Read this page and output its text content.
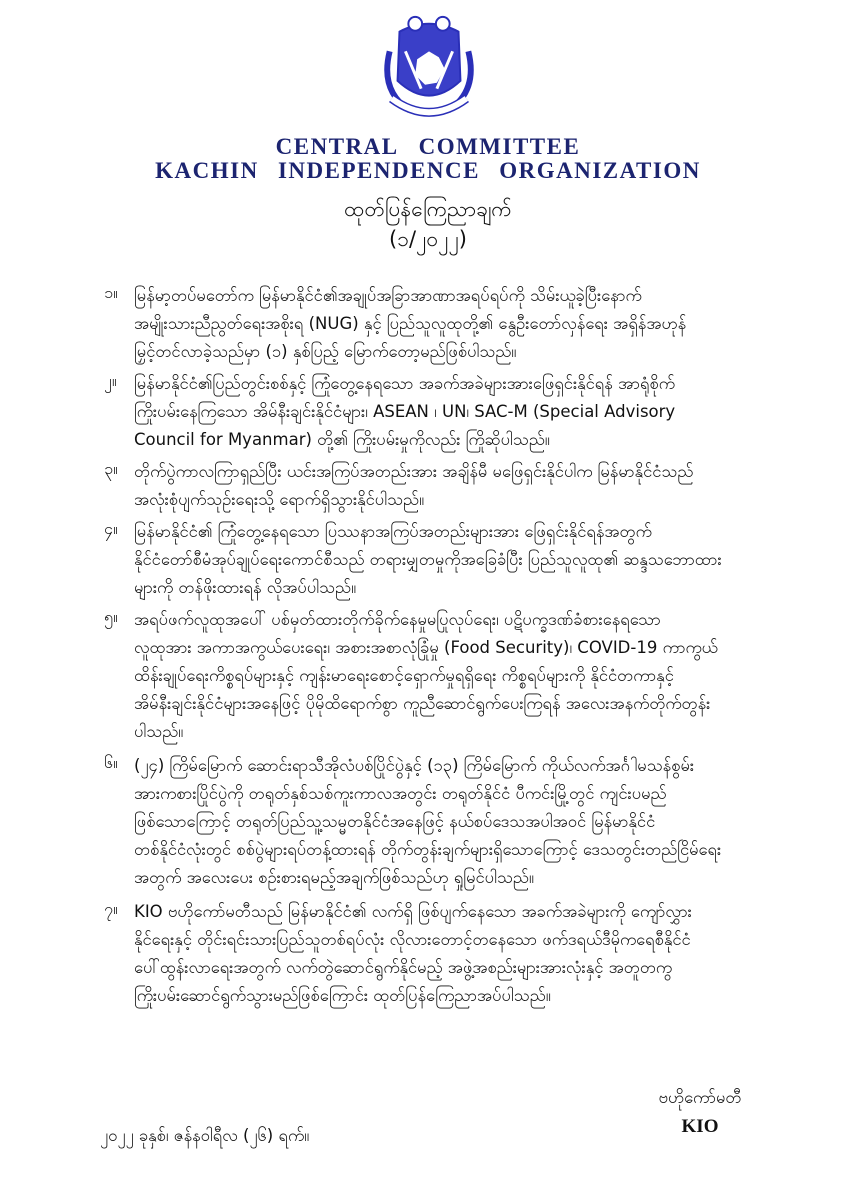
CENTRAL COMMITTEE
KACHIN INDEPENDENCE ORGANIZATION
ထုတ်ပြန်ကြေညာချက်
(၁/၂၀၂၂)
၁။ မြန်မာ့တပ်မတော်က မြန်မာနိုင်ငံ၏အချုပ်အခြာအာဏာအရပ်ရပ်ကို သိမ်းယူခဲ့ပြီးနောက်
အမျိုးသားညီညွတ်ရေးအစိုးရ (NUG) နှင့် ပြည်သူလူထုတို့၏ နွေဦးတော်လှန်ရေး အရှိန်အဟုန်
မြှင့်တင်လာခဲ့သည်မှာ (၁) နှစ်ပြည့် မြောက်တော့မည်ဖြစ်ပါသည်။
၂။	မြန်မာနိုင်ငံ၏ပြည်တွင်းစစ်နှင့် ကြုံတွေ့နေရသော အခက်အခဲများအားဖြေရှင်းနိုင်ရန် အာရုံစိုက်
ကြိုးပမ်းနေကြသော အိမ်နီးချင်းနိုင်ငံများ၊ ASEAN ၊ UN၊ SAC-M (Special Advisory
Council for Myanmar) တို့၏ ကြိုးပမ်းမှုကိုလည်း ကြိုဆိုပါသည်။
၃။ တိုက်ပွဲကာလကြာရှည်ပြီး ယင်းအကြပ်အတည်းအား အချိန်မီ မဖြေရှင်းနိုင်ပါက မြန်မာနိုင်ငံသည်
အလုံးစုံပျက်သုဉ်းရေးသို့ ရောက်ရှိသွားနိုင်ပါသည်။
၄။ မြန်မာနိုင်ငံ၏ ကြုံတွေ့နေရသော ပြဿနာအကြပ်အတည်းများအား ဖြေရှင်းနိုင်ရန်အတွက်
နိုင်ငံတော်စီမံအုပ်ချုပ်ရေးကောင်စီသည် တရားမျှတမှုကိုအခြေခံပြီး ပြည်သူလူထု၏ ဆန္ဒသဘောထား
များကို တန်ဖိုးထားရန် လိုအပ်ပါသည်။
၅။ အရပ်ဖက်လူထုအပေါ် ပစ်မှတ်ထားတိုက်ခိုက်နေမှုမပြုလုပ်ရေး၊ ပဋိပက္ခဒဏ်ခံစားနေရသော
လူထုအား အကာအကွယ်ပေးရေး၊ အစားအစာလုံခြုံမှု (Food Security)၊ COVID-19 ကာကွယ်
ထိန်းချုပ်ရေးကိစ္စရပ်များနှင့် ကျန်းမာရေးစောင့်ရှောက်မှုရရှိရေး ကိစ္စရပ်များကို နိုင်ငံတကာနှင့်
အိမ်နီးချင်းနိုင်ငံများအနေဖြင့် ပိုမိုထိရောက်စွာ ကူညီဆောင်ရွက်ပေးကြရန် အလေးအနက်တိုက်တွန်း
ပါသည်။
၆။ (၂၄) ကြိမ်မြောက် ဆောင်းရာသီအိုလံပစ်ပြိုင်ပွဲနှင့် (၁၃) ကြိမ်မြောက် ကိုယ်လက်အင်္ဂါမသန်စွမ်း
အားကစားပြိုင်ပွဲကို တရုတ်နှစ်သစ်ကူးကာလအတွင်း တရုတ်နိုင်ငံ ပီကင်းမြို့တွင် ကျင်းပမည်
ဖြစ်သောကြောင့် တရုတ်ပြည်သူ့သမ္မတနိုင်ငံအနေဖြင့် နယ်စပ်ဒေသအပါအဝင် မြန်မာနိုင်ငံ
တစ်နိုင်ငံလုံးတွင် စစ်ပွဲများရပ်တန့်ထားရန် တိုက်တွန်းချက်များရှိသောကြောင့် ဒေသတွင်းတည်ငြိမ်ရေး
အတွက် အလေးပေး စဉ်းစားရမည့်အချက်ဖြစ်သည်ဟု ရှုမြင်ပါသည်။
၇။ KIO ဗဟိုကော်မတီသည် မြန်မာနိုင်ငံ၏ လက်ရှိ ဖြစ်ပျက်နေသော အခက်အခဲများကို ကျော်လွှား
နိုင်ရေးနှင့် တိုင်းရင်းသားပြည်သူတစ်ရပ်လုံး လိုလားတောင့်တနေသော ဖက်ဒရယ်ဒီမိုကရေစီနိုင်ငံ
ပေါ်ထွန်းလာရေးအတွက် လက်တွဲဆောင်ရွက်နိုင်မည့် အဖွဲ့အစည်းများအားလုံးနှင့် အတူတကွ
ကြိုးပမ်းဆောင်ရွက်သွားမည်ဖြစ်ကြောင်း ထုတ်ပြန်ကြေညာအပ်ပါသည်။
၂၀၂၂ ခုနှစ်၊ ဇန်နဝါရီလ (၂၆) ရက်။
ဗဟိုကော်မတီ
KIO
